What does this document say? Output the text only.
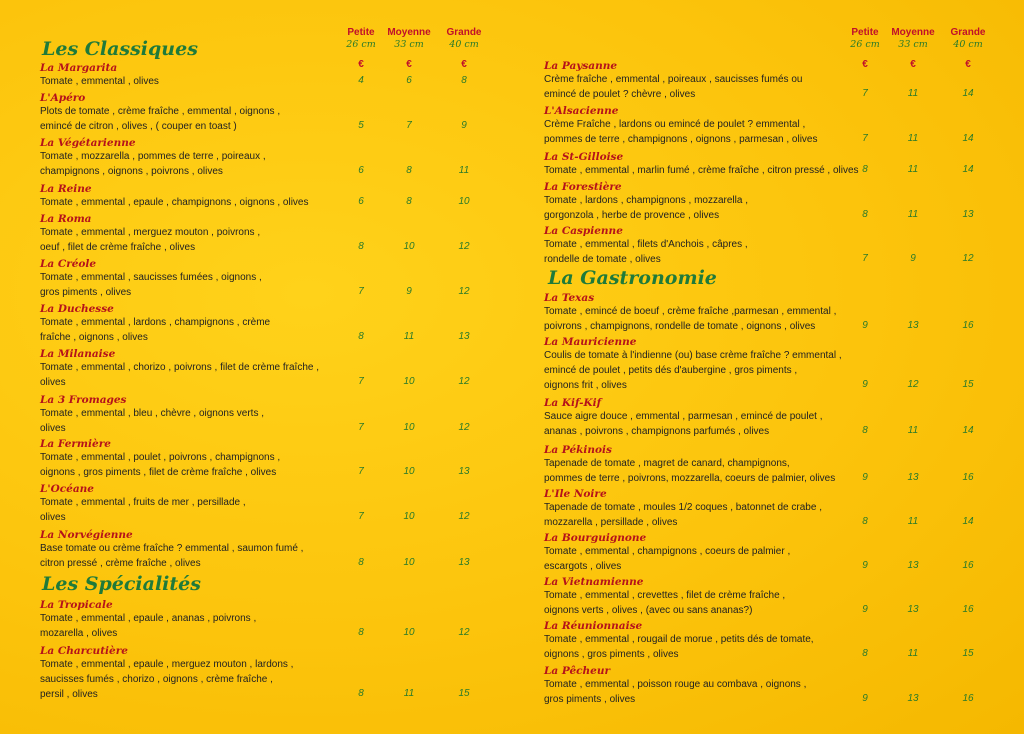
Petite
26 cm
Moyenne
33 cm
Grande
40 cm
€	€	€
Les Classiques
Les Spécialités
La Margarita
Tomate , emmental , olives	4	6	8
L'Apéro
Plots de tomate , crème fraîche , emmental , oignons ,
emincé de citron , olives , ( couper en toast )	5	7	9
La Végétarienne
Tomate , mozzarella , pommes de terre , poireaux ,
champignons , oignons , poivrons , olives	6	8	11
La Reine
Tomate , emmental , epaule , champignons , oignons , olives	6	8	10
La Roma
Tomate , emmental , merguez mouton , poivrons ,
oeuf , filet de crème fraîche , olives	8	10	12
La Créole
Tomate , emmental , saucisses fumées , oignons ,
gros piments , olives	7	9	12
La Duchesse
Tomate , emmental , lardons , champignons , crème
fraîche , oignons , olives	8	11	13
La Milanaise
Tomate , emmental , chorizo , poivrons , filet de crème fraîche ,
olives	7	10	12
La 3 Fromages
Tomate , emmental , bleu , chèvre , oignons verts ,
olives	7	10	12
La Fermière
Tomate , emmental , poulet , poivrons , champignons ,
oignons , gros piments , filet de crème fraîche , olives	7	10	13
L'Océane
Tomate , emmental , fruits de mer , persillade ,
olives	7	10	12
La Norvégienne
Base tomate ou crème fraîche ? emmental , saumon fumé ,
citron pressé , crème fraîche , olives	8	10	13
La Tropicale
Tomate , emmental , epaule , ananas , poivrons ,
mozarella , olives	8	10	12
La Charcutière
Tomate , emmental , epaule , merguez mouton , lardons ,
saucisses fumés , chorizo , oignons , crème fraîche ,
persil , olives	8	11	15
Petite
26 cm
Moyenne
33 cm
Grande
40 cm
€	€	€
La Gastronomie
La Paysanne
Crème fraîche , emmental , poireaux , saucisses fumés ou
emincé de poulet ? chèvre , olives	7	11	14
L'Alsacienne
Crème Fraîche , lardons ou emincé de poulet ? emmental ,
pommes de terre , champignons , oignons , parmesan , olives	7	11	14
La St-Gilloise
Tomate , emmental , marlin fumé , crème fraîche , citron pressé , olives 8	11	14
La Forestière
Tomate , lardons , champignons , mozzarella ,
gorgonzola , herbe de provence , olives	8	11	13
La Caspienne
Tomate , emmental , filets d'Anchois , câpres ,
rondelle de tomate , olives	7	9	12
La Texas
Tomate , emincé de boeuf , crème fraîche ,parmesan , emmental ,
poivrons , champignons, rondelle de tomate , oignons , olives	9	13	16
La Mauricienne
Coulis de tomate à l'indienne (ou) base crème fraîche ? emmental ,
emincé de poulet , petits dés d'aubergine , gros piments ,
oignons frit , olives	9	12	15
La Kif-Kif
Sauce aigre douce , emmental , parmesan , emincé de poulet ,
ananas , poivrons , champignons parfumés , olives	8	11	14
La Pékinois
Tapenade de tomate , magret de canard, champignons,
pommes de terre , poivrons, mozzarella, coeurs de palmier, olives	9	13	16
L'Ile Noire
Tapenade de tomate , moules 1/2 coques , batonnet de crabe ,
mozzarella , persillade , olives	8	11	14
La Bourguignone
Tomate , emmental , champignons , coeurs de palmier ,
escargots , olives	9	13	16
La Vietnamienne
Tomate , emmental , crevettes , filet de crème fraîche ,
oignons verts , olives , (avec ou sans ananas?)	9	13	16
La Réunionnaise
Tomate , emmental , rougail de morue , petits dés de tomate,
oignons , gros piments , olives	8	11	15
La Pêcheur
Tomate , emmental , poisson rouge au combava , oignons ,
gros piments , olives	9	13	16
